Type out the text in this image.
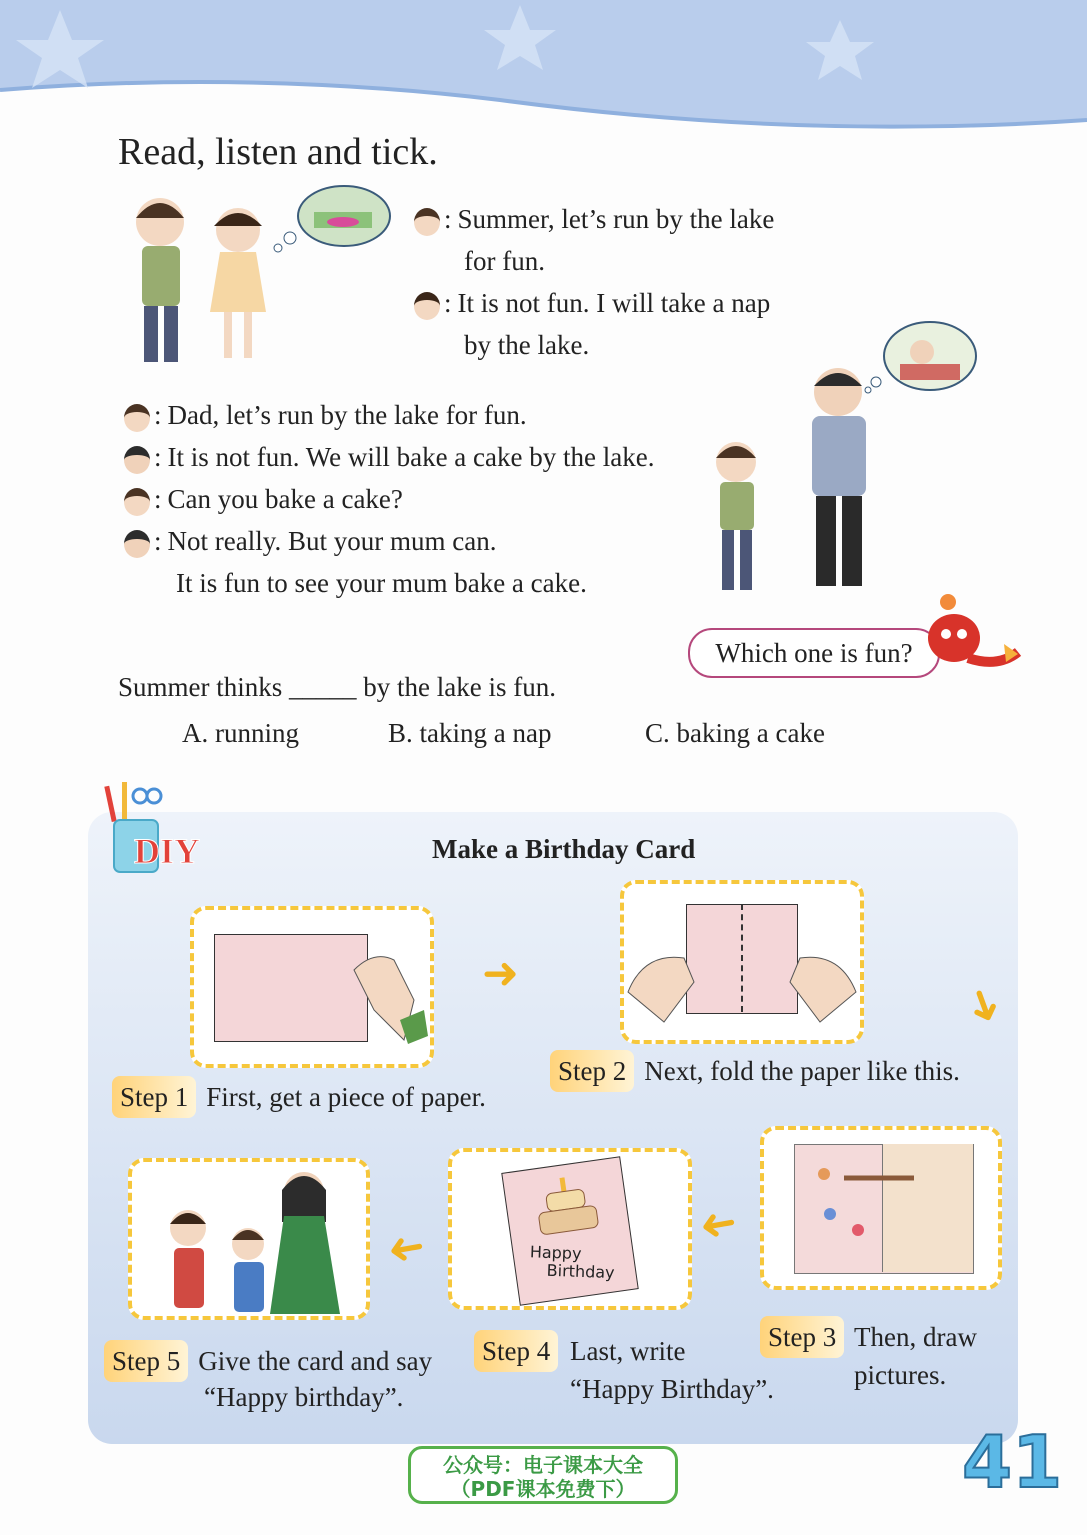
Read, listen and tick.
: Summer, let’s run by the lake
for fun.
: It is not fun. I will take a nap
by the lake.
: Dad, let’s run by the lake for fun.
: It is not fun. We will bake a cake by the lake.
: Can you bake a cake?
: Not really. But your mum can.
It is fun to see your mum bake a cake.
Which one is fun?
Summer thinks _____ by the lake is fun.
A. running	B. taking a nap	C. baking a cake
DIY	Make a Birthday Card
Happy
Birthday
➜
➜
➜
➜
Step 1 First, get a piece of paper.
Step 2 Next, fold the paper like this.
Step 3 Then, draw
pictures.
Step 4 Last, write
“Happy Birthday”.
Step 5 Give the card and say
“Happy birthday”.
公众号：电子课本大全
（PDF课本免费下）	41
